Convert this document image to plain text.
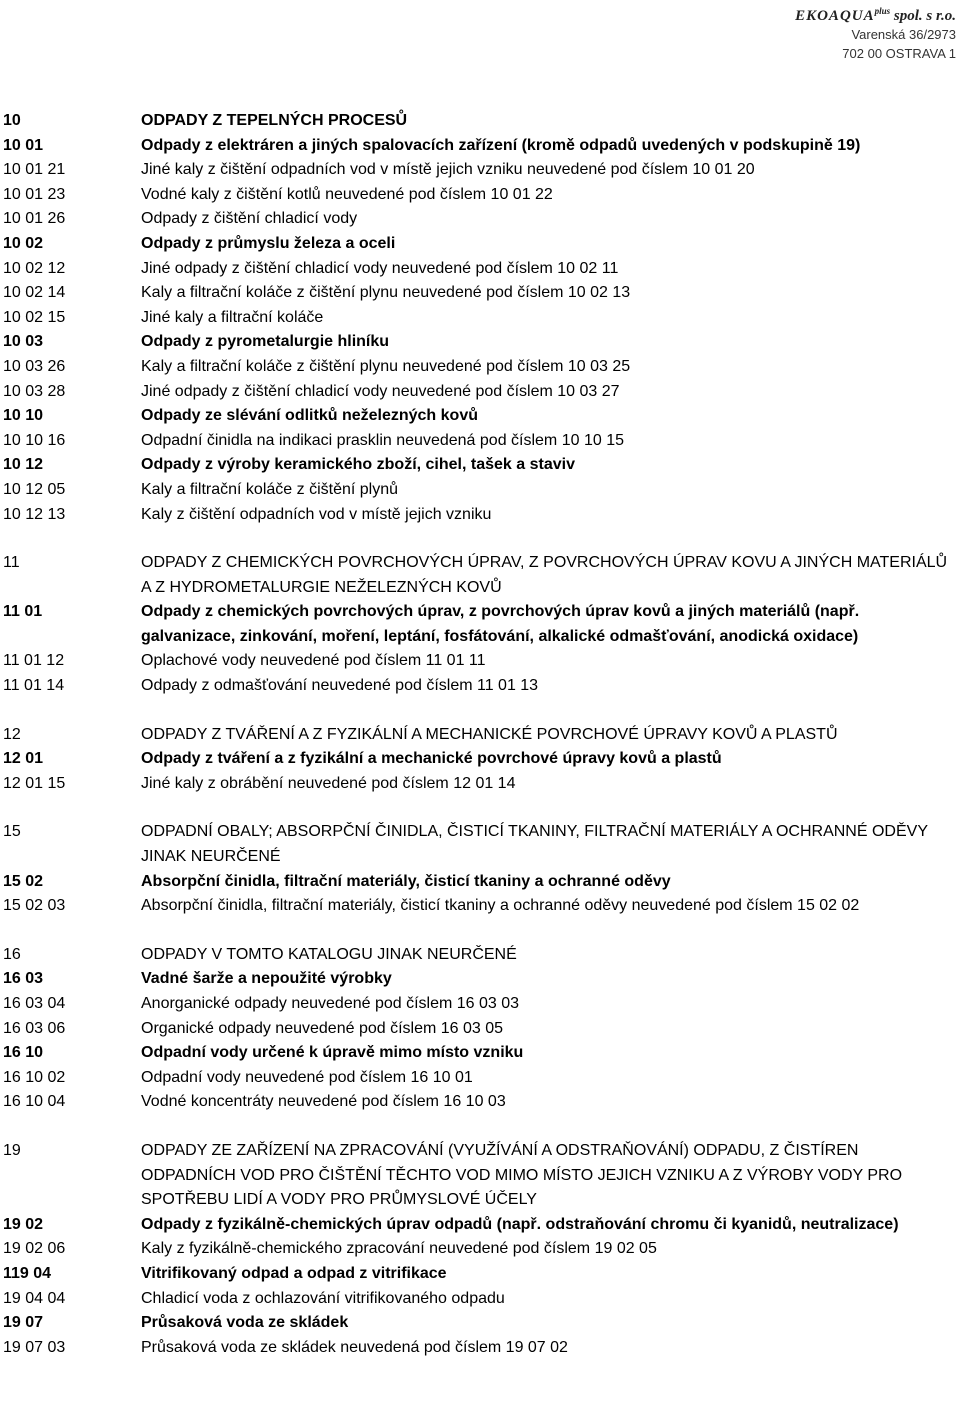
$EKOAQUA^{plus}$ spol. s r.o.
Varenská 36/2973
702 00 OSTRAVA 1
10	ODPADY Z TEPELNÝCH PROCESŮ
10 01	Odpady z elektráren a jiných spalovacích zařízení (kromě odpadů uvedených v podskupině 19)
10 01 21	Jiné kaly z čištění odpadních vod v místě jejich vzniku neuvedené pod číslem 10 01 20
10 01 23	Vodné kaly z čištění kotlů neuvedené pod číslem 10 01 22
10 01 26	Odpady z čištění chladicí vody
10 02	Odpady z průmyslu železa a oceli
10 02 12	Jiné odpady z čištění chladicí vody neuvedené pod číslem 10 02 11
10 02 14	Kaly a filtrační koláče z čištění plynu neuvedené pod číslem 10 02 13
10 02 15	Jiné kaly a filtrační koláče
10 03	Odpady z pyrometalurgie hliníku
10 03 26	Kaly a filtrační koláče z čištění plynu neuvedené pod číslem 10 03 25
10 03 28	Jiné odpady z čištění chladicí vody neuvedené pod číslem 10 03 27
10 10	Odpady ze slévání odlitků neželezných kovů
10 10 16	Odpadní činidla na indikaci prasklin neuvedená pod číslem 10 10 15
10 12	Odpady z výroby keramického zboží, cihel, tašek a staviv
10 12 05	Kaly a filtrační koláče z čištění plynů
10 12 13	Kaly z čištění odpadních vod v místě jejich vzniku
11	ODPADY Z CHEMICKÝCH POVRCHOVÝCH ÚPRAV, Z POVRCHOVÝCH ÚPRAV KOVU A JINÝCH MATERIÁLŮ A Z HYDROMETALURGIE NEŽELEZNÝCH KOVŮ
11 01	Odpady z chemických povrchových úprav, z povrchových úprav kovů a jiných materiálů (např. galvanizace, zinkování, moření, leptání, fosfátování, alkalické odmašťování, anodická oxidace)
11 01 12	Oplachové vody neuvedené pod číslem 11 01 11
11 01 14	Odpady z odmašťování neuvedené pod číslem 11 01 13
12	ODPADY Z TVÁŘENÍ A Z FYZIKÁLNÍ A MECHANICKÉ POVRCHOVÉ ÚPRAVY KOVŮ A PLASTŮ
12 01	Odpady z tváření a z fyzikální a mechanické povrchové úpravy kovů a plastů
12 01 15	Jiné kaly z obrábění neuvedené pod číslem 12 01 14
15	ODPADNÍ OBALY; ABSORPČNÍ ČINIDLA, ČISTICÍ TKANINY, FILTRAČNÍ MATERIÁLY A OCHRANNÉ ODĚVY JINAK NEURČENÉ
15 02	Absorpční činidla, filtrační materiály, čisticí tkaniny a ochranné oděvy
15 02 03	Absorpční činidla, filtrační materiály, čisticí tkaniny a ochranné oděvy neuvedené pod číslem 15 02 02
16	ODPADY V TOMTO KATALOGU JINAK NEURČENÉ
16 03	Vadné šarže a nepoužité výrobky
16 03 04	Anorganické odpady neuvedené pod číslem 16 03 03
16 03 06	Organické odpady neuvedené pod číslem 16 03 05
16 10	Odpadní vody určené k úpravě mimo místo vzniku
16 10 02	Odpadní vody neuvedené pod číslem 16 10 01
16 10 04	Vodné koncentráty neuvedené pod číslem 16 10 03
19	ODPADY ZE ZAŘÍZENÍ NA ZPRACOVÁNÍ (VYUŽÍVÁNÍ A ODSTRAŇOVÁNÍ) ODPADU, Z ČISTÍREN ODPADNÍCH VOD PRO ČIŠTĚNÍ TĚCHTO VOD MIMO MÍSTO JEJICH VZNIKU A Z VÝROBY VODY PRO SPOTŘEBU LIDÍ A VODY PRO PRŮMYSLOVÉ ÚČELY
19 02	Odpady z fyzikálně-chemických úprav odpadů (např. odstraňování chromu či kyanidů, neutralizace)
19 02 06	Kaly z fyzikálně-chemického zpracování neuvedené pod číslem 19 02 05
119 04	Vitrifikovaný odpad a odpad z vitrifikace
19 04 04	Chladicí voda z ochlazování vitrifikovaného odpadu
19 07	Průsaková voda ze skládek
19 07 03	Průsaková voda ze skládek neuvedená pod číslem 19 07 02
